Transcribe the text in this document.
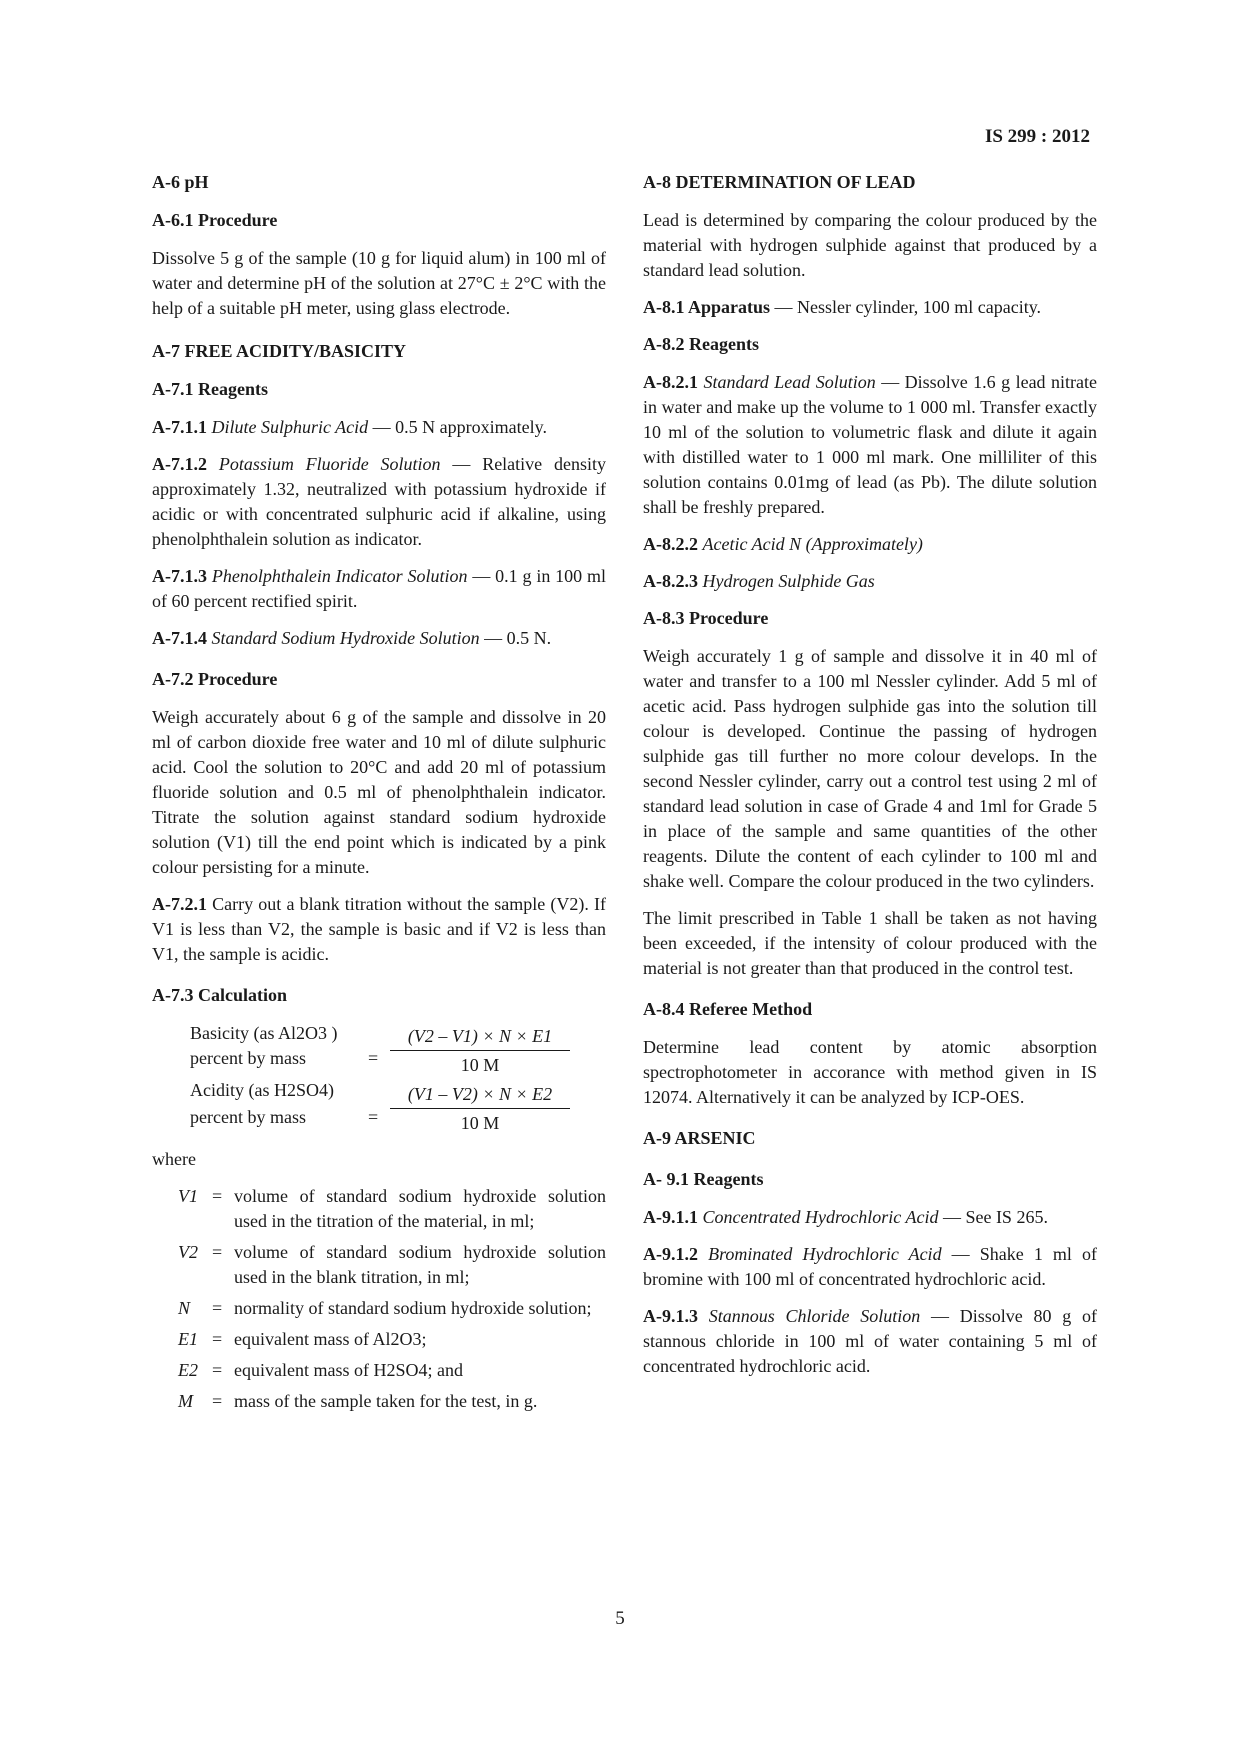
IS 299 : 2012
A-6 pH
A-6.1 Procedure

Dissolve 5 g of the sample (10 g for liquid alum) in 100 ml of water and determine pH of the solution at 27°C ± 2°C with the help of a suitable pH meter, using glass electrode.

A-7 FREE ACIDITY/BASICITY
A-7.1 Reagents

A-7.1.1 Dilute Sulphuric Acid — 0.5 N approximately.

A-7.1.2 Potassium Fluoride Solution — Relative density approximately 1.32, neutralized with potassium hydroxide if acidic or with concentrated sulphuric acid if alkaline, using phenolphthalein solution as indicator.

A-7.1.3 Phenolphthalein Indicator Solution — 0.1 g in 100 ml of 60 percent rectified spirit.

A-7.1.4 Standard Sodium Hydroxide Solution — 0.5 N.

A-7.2 Procedure

Weigh accurately about 6 g of the sample and dissolve in 20 ml of carbon dioxide free water and 10 ml of dilute sulphuric acid. Cool the solution to 20°C and add 20 ml of potassium fluoride solution and 0.5 ml of phenolphthalein indicator. Titrate the solution against standard sodium hydroxide solution (V1) till the end point which is indicated by a pink colour persisting for a minute.

A-7.2.1 Carry out a blank titration without the sample (V2). If V1 is less than V2, the sample is basic and if V2 is less than V1, the sample is acidic.

A-7.3 Calculation
Basicity (as Al2O3 )
percent by mass	=
(V2 – V1) × N × E1
10 M
Acidity (as H2SO4)
percent by mass	=
(V1 – V2) × N × E2
10 M
where
V1 = volume of standard sodium hydroxide solution used in the titration of the material, in ml;
V2 = volume of standard sodium hydroxide solution used in the blank titration, in ml;
N	= normality of standard sodium hydroxide solution;
E1 = equivalent mass of Al2O3;
E2 = equivalent mass of H2SO4; and
M	= mass of the sample taken for the test, in g.
A-8 DETERMINATION OF LEAD

Lead is determined by comparing the colour produced by the material with hydrogen sulphide against that produced by a standard lead solution.

A-8.1 Apparatus — Nessler cylinder, 100 ml capacity.

A-8.2 Reagents

A-8.2.1 Standard Lead Solution — Dissolve 1.6 g lead nitrate in water and make up the volume to 1 000 ml. Transfer exactly 10 ml of the solution to volumetric flask and dilute it again with distilled water to 1 000 ml mark. One milliliter of this solution contains 0.01mg of lead (as Pb). The dilute solution shall be freshly prepared.

A-8.2.2 Acetic Acid N (Approximately)

A-8.2.3 Hydrogen Sulphide Gas

A-8.3 Procedure

Weigh accurately 1 g of sample and dissolve it in 40 ml of water and transfer to a 100 ml Nessler cylinder. Add 5 ml of acetic acid. Pass hydrogen sulphide gas into the solution till colour is developed. Continue the passing of hydrogen sulphide gas till further no more colour develops. In the second Nessler cylinder, carry out a control test using 2 ml of standard lead solution in case of Grade 4 and 1ml for Grade 5 in place of the sample and same quantities of the other reagents. Dilute the content of each cylinder to 100 ml and shake well. Compare the colour produced in the two cylinders.

The limit prescribed in Table 1 shall be taken as not having been exceeded, if the intensity of colour produced with the material is not greater than that produced in the control test.

A-8.4 Referee Method

Determine lead content by atomic absorption spectrophotometer in accorance with method given in IS 12074. Alternatively it can be analyzed by ICP-OES.

A-9 ARSENIC
A- 9.1 Reagents

A-9.1.1 Concentrated Hydrochloric Acid — See IS 265.

A-9.1.2 Brominated Hydrochloric Acid — Shake 1 ml of bromine with 100 ml of concentrated hydrochloric acid.

A-9.1.3 Stannous Chloride Solution — Dissolve 80 g of stannous chloride in 100 ml of water containing 5 ml of concentrated hydrochloric acid.

5
